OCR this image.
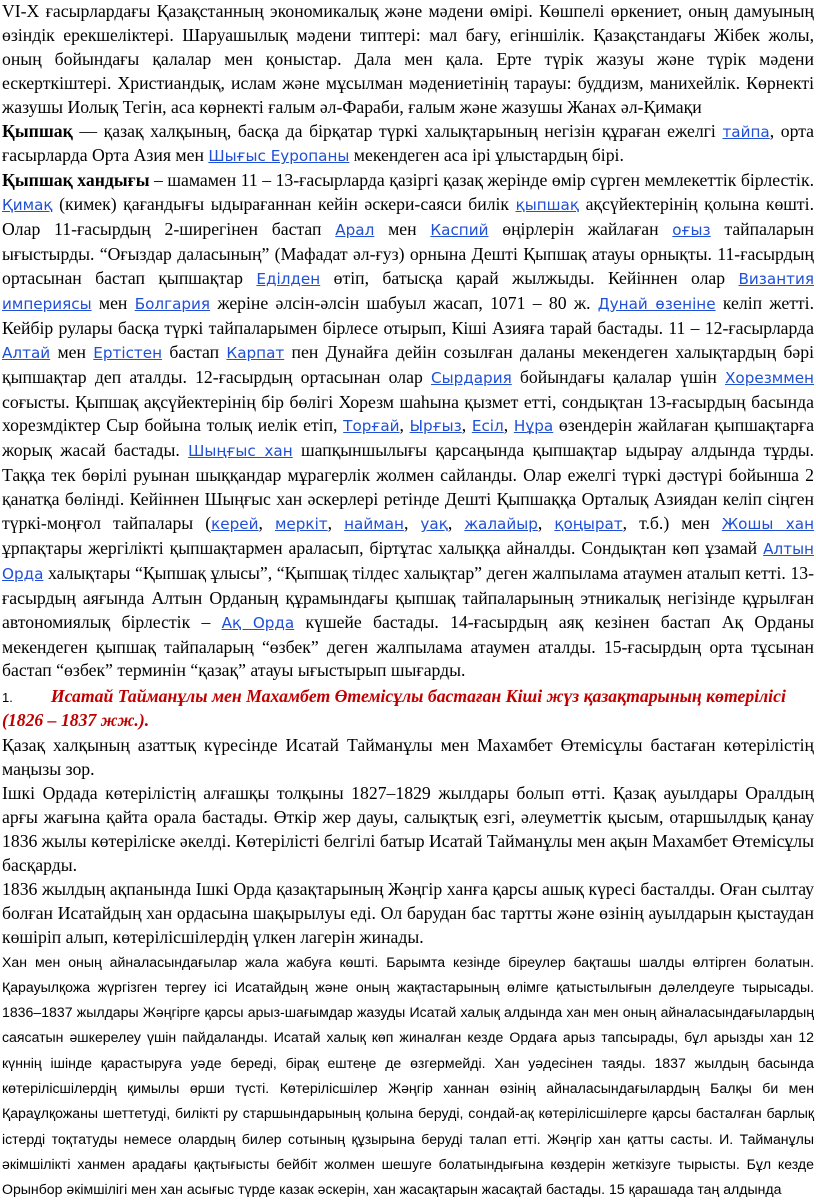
VI-X ғасырлардағы Қазақстанның экономикалық және мәдени өмірі. Көшпелі өркениет, оның дамуының өзіндік ерекшеліктері. Шаруашылық мәдени типтері: мал бағу, егіншілік. Қазақстандағы Жібек жолы, оның бойындағы қалалар мен қоныстар. Дала мен қала. Ерте түрік жазуы және түрік мәдени ескерткіштері. Христиандық, ислам және мұсылман мәдениетінің тарауы: буддизм, манихейлік. Көрнекті жазушы Иолық Тегін, аса көрнекті ғалым әл-Фараби, ғалым және жазушы Жанах әл-Қимақи

Қыпшақ — қазақ халқының, басқа да бірқатар түркі халықтарының негізін құраған ежелгі тайпа, орта ғасырларда Орта Азия мен Шығыс Еуропаны мекендеген аса ірі ұлыстардың бірі.

Қыпшақ хандығы – шамамен 11 – 13-ғасырларда қазіргі қазақ жерінде өмір сүрген мемлекеттік бірлестік. Қимақ (кимек) қағандығы ыдырағаннан кейін әскери-саяси билік қыпшақ ақсүйектерінің қолына көшті. Олар 11-ғасырдың 2-ширегінен бастап Арал мен Каспий өңірлерін жайлаған оғыз тайпаларын ығыстырды. “Оғыздар даласының” (Мафадат әл-ғуз) орнына Дешті Қыпшақ атауы орнықты. 11-ғасырдың ортасынан бастап қыпшақтар Еділден өтіп, батысқа қарай жылжыды. Кейіннен олар Византия империясы мен Болгария жеріне әлсін-әлсін шабуыл жасап, 1071 – 80 ж. Дунай өзеніне келіп жетті. Кейбір рулары басқа түркі тайпаларымен бірлесе отырып, Кіші Азияға тарай бастады. 11 – 12-ғасырларда Алтай мен Ертістен бастап Карпат пен Дунайға дейін созылған даланы мекендеген халықтардың бәрі қыпшақтар деп аталды. 12-ғасырдың ортасынан олар Сырдария бойындағы қалалар үшін Хорезммен соғысты. Қыпшақ ақсүйектерінің бір бөлігі Хорезм шаһына қызмет етті, сондықтан 13-ғасырдың басында хорезмдіктер Сыр бойына толық иелік етіп, Торғай, Ырғыз, Есіл, Нұра өзендерін жайлаған қыпшақтарға жорық жасай бастады. Шыңғыс хан шапқыншылығы қарсаңында қыпшақтар ыдырау алдында тұрды. Таққа тек бөрілі руынан шыққандар мұрагерлік жолмен сайланды. Олар ежелгі түркі дәстүрі бойынша 2 қанатқа бөлінді. Кейіннен Шыңғыс хан әскерлері ретінде Дешті Қыпшаққа Орталық Азиядан келіп сіңген түркі-моңғол тайпалары (керей, меркіт, найман, уақ, жалайыр, қоңырат, т.б.) мен Жошы хан ұрпақтары жергілікті қыпшақтармен араласып, біртұтас халыққа айналды. Сондықтан көп ұзамай Алтын Орда халықтары “Қыпшақ ұлысы”, “Қыпшақ тілдес халықтар” деген жалпылама атаумен аталып кетті. 13-ғасырдың аяғында Алтын Орданың құрамындағы қыпшақ тайпаларының этникалық негізінде құрылған автономиялық бірлестік – Ақ Орда күшейе бастады. 14-ғасырдың аяқ кезінен бастап Ақ Орданы мекендеген қыпшақ тайпаларың “өзбек” деген жалпылама атаумен аталды. 15-ғасырдың орта тұсынан бастап “өзбек” терминін “қазақ” атауы ығыстырып шығарды.

1. Исатай Тайманұлы мен Махамбет Өтемісұлы бастаған Кіші жүз қазақтарының көтерілісі (1826 – 1837 жж.).

Қазақ халқының азаттық күресінде Исатай Тайманұлы мен Махамбет Өтемісұлы бастаған көтерілістің маңызы зор.

Ішкі Ордада көтерілістің алғашқы толқыны 1827–1829 жылдары болып өтті. Қазақ ауылдары Оралдың арғы жағына қайта орала бастады. Өткір жер дауы, салықтық езгі, әлеуметтік қысым, отаршылдық қанау 1836 жылы көтерілiске әкелдi. Көтерілісті белгілі батыр Исатай Тайманұлы мен ақын Махамбет Өтемісұлы басқарды.

1836 жылдың ақпанында Ішкі Орда қазақтарының Жәңгір ханға қарсы ашық күресі басталды. Оған сылтау болған Исатайдың хан ордасына шақырылуы еді. Ол барудан бас тартты және өзінің ауылдарын қыстаудан көшіріп алып, көтерілісшілердің үлкен лагерін жинады.

Хан мен оның айналасындағылар жала жабуға көшті. Барымта кезінде біреулер бақташы шалды өлтірген болатын. Қарауылқожа жүргізген тергеу ісі Исатайдың және оның жақтастарының өлімге қатыстылығын дәлелдеуге тырысады. 1836–1837 жылдары Жәңгірге қарсы арыз-шағымдар жазуды Исатай халық алдында хан мен оның айналасындағылардың саясатын әшкерелеу үшін пайдаланды. Исатай халық көп жиналған кезде Ордаға арыз тапсырады, бұл арызды хан 12 күннің ішінде қарастыруға уәде береді, бірақ ештеңе де өзгермейді. Хан уәдесінен таяды. 1837 жылдың басында көтерілісшілердің қимылы өрши түсті. Көтерілісшілер Жәңгір ханнан өзінің айналасындағылардың Балқы би мен Қараұлқожаны шеттетуді, билікті ру старшындарының қолына беруді, сондай-ақ көтерілісшілерге қарсы басталған барлық істерді тоқтатуды немесе олардың билер сотының құзырына беруді талап етті. Жәңгір хан қатты састы. И. Тайманұлы әкімшілікті ханмен арадағы қақтығысты бейбіт жолмен шешуге болатындығына көздерін жеткізуге тырысты. Бұл кезде Орынбор әкімшілігі мен хан асығыс түрде казак әскерін, хан жасақтарын жасақтай бастады. 15 қарашада таң алдында
